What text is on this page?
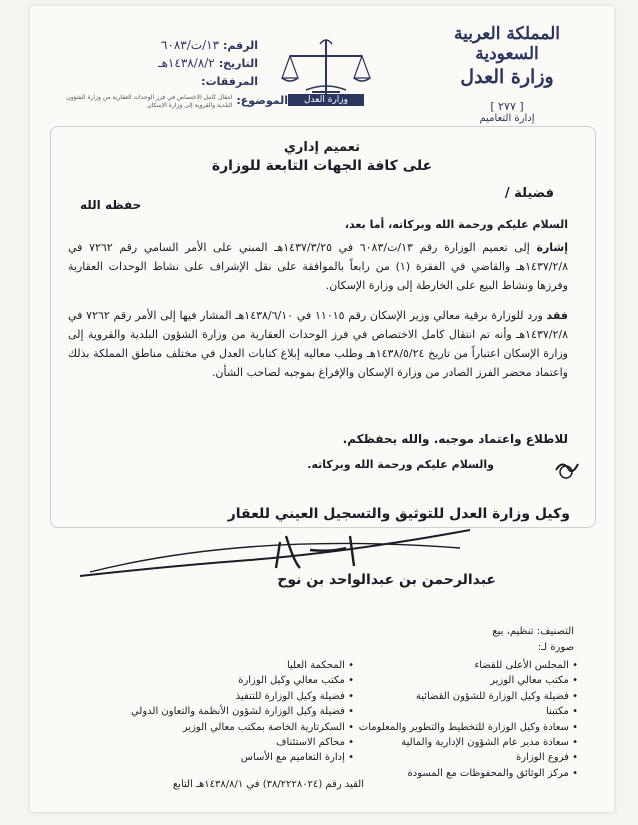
المملكة العربية السعودية
وزارة العدل
[ ٢٧٧ ]
إدارة التعاميم
وزارة العدل
الرقم:
١٣/ت/٦٠٨٣
التاريخ:
١٤٣٨/٨/٢هـ
المرفقات:
الموضوع:
انتقال كامل الاختصاص في فرز الوحدات العقارية من وزارة الشؤون البلدية والقروية إلى وزارة الإسكان
تعميم إداري
على كافة الجهات التابعة للوزارة
فضيلة /
حفظه الله
السلام عليكم ورحمة الله وبركاته، أما بعد،
إشارة إلى تعميم الوزارة رقم ١٣/ت/٦٠٨٣ في ١٤٣٧/٣/٢٥هـ المبني على الأمر السامي رقم ٧٢٦٢ في ١٤٣٧/٢/٨هـ والقاضي في الفقرة (١) من رابعاً بالموافقة على نقل الإشراف على نشاط الوحدات العقارية وفرزها ونشاط البيع على الخارطة إلى وزارة الإسكان.
فقد ورد للوزارة برقية معالي وزير الإسكان رقم ١١٠١٥ في ١٤٣٨/٦/١٠هـ المشار فيها إلى الأمر رقم ٧٢٦٢ في ١٤٣٧/٢/٨هـ وأنه تم انتقال كامل الاختصاص في فرز الوحدات العقارية من وزارة الشؤون البلدية والقروية إلى وزارة الإسكان اعتباراً من تاريخ ١٤٣٨/٥/٢٤هـ وطلب معاليه إبلاغ كتابات العدل في مختلف مناطق المملكة بذلك واعتماد محضر الفرز الصادر من وزارة الإسكان والإفراغ بموجبه لصاحب الشأن.
للاطلاع واعتماد موجبه. والله يحفظكم.
والسلام عليكم ورحمة الله وبركاته.
وكيل وزارة العدل للتوثيق والتسجيل العيني للعقار
عبدالرحمن بن عبدالواحد بن نوح
التصنيف: تنظيم، بيع
صورة لـ:
• المجلس الأعلى للقضاء
• مكتب معالي الوزير
• فضيلة وكيل الوزارة للشؤون القضائية
• مكتبنا
• سعادة وكيل الوزارة للتخطيط والتطوير والمعلومات
• سعادة مدير عام الشؤون الإدارية والمالية
• فروع الوزارة
• مركز الوثائق والمحفوظات مع المسودة
• المحكمة العليا
• مكتب معالي وكيل الوزارة
• فضيلة وكيل الوزارة للتنفيذ
• فضيلة وكيل الوزارة لشؤون الأنظمة والتعاون الدولي
• السكرتارية الخاصة بمكتب معالي الوزير
• محاكم الاستئناف
• إدارة التعاميم مع الأساس
القيد رقم (٣٨/٢٢٢٨٠٢٤) في ١٤٣٨/٨/١هـ التابع
